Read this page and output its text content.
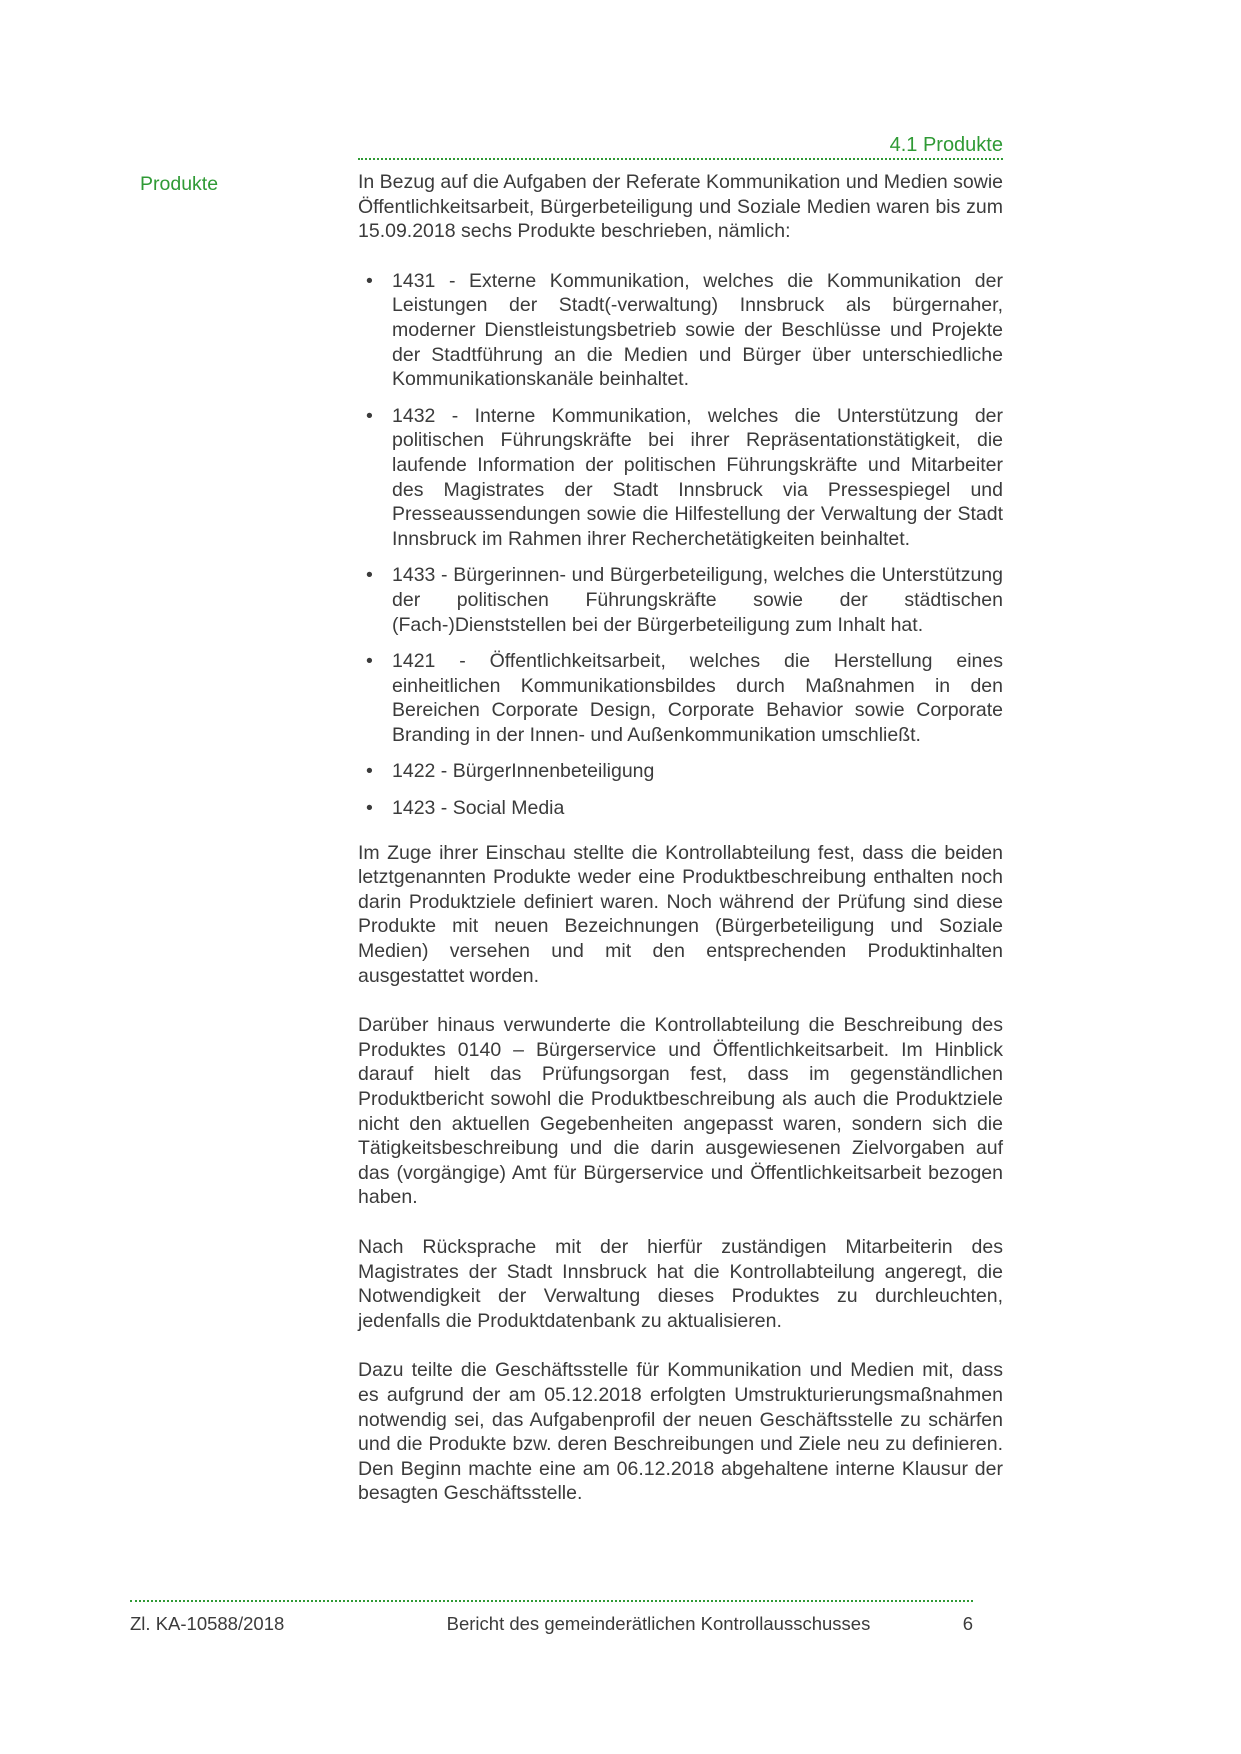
4.1 Produkte
Produkte	In Bezug auf die Aufgaben der Referate Kommunikation und Medien sowie Öffentlichkeitsarbeit, Bürgerbeteiligung und Soziale Medien waren bis zum 15.09.2018 sechs Produkte beschrieben, nämlich:

• 1431 - Externe Kommunikation, welches die Kommunikation der Leistungen der Stadt(-verwaltung) Innsbruck als bürgernaher, moderner Dienstleistungsbetrieb sowie der Beschlüsse und Projekte der Stadtführung an die Medien und Bürger über unterschiedliche Kommunikationskanäle beinhaltet.
• 1432 - Interne Kommunikation, welches die Unterstützung der politischen Führungskräfte bei ihrer Repräsentationstätigkeit, die laufende Information der politischen Führungskräfte und Mitarbeiter des Magistrates der Stadt Innsbruck via Pressespiegel und Presseaussendungen sowie die Hilfestellung der Verwaltung der Stadt Innsbruck im Rahmen ihrer Recherchetätigkeiten beinhaltet.
• 1433 - Bürgerinnen- und Bürgerbeteiligung, welches die Unterstützung der politischen Führungskräfte sowie der städtischen (Fach-)Dienststellen bei der Bürgerbeteiligung zum Inhalt hat.
• 1421 - Öffentlichkeitsarbeit, welches die Herstellung eines einheitlichen Kommunikationsbildes durch Maßnahmen in den Bereichen Corporate Design, Corporate Behavior sowie Corporate Branding in der Innen- und Außenkommunikation umschließt.
• 1422 - BürgerInnenbeteiligung
• 1423 - Social Media

Im Zuge ihrer Einschau stellte die Kontrollabteilung fest, dass die beiden letztgenannten Produkte weder eine Produktbeschreibung enthalten noch darin Produktziele definiert waren. Noch während der Prüfung sind diese Produkte mit neuen Bezeichnungen (Bürgerbeteiligung und Soziale Medien) versehen und mit den entsprechenden Produktinhalten ausgestattet worden.

Darüber hinaus verwunderte die Kontrollabteilung die Beschreibung des Produktes 0140 – Bürgerservice und Öffentlichkeitsarbeit. Im Hinblick darauf hielt das Prüfungsorgan fest, dass im gegenständlichen Produktbericht sowohl die Produktbeschreibung als auch die Produktziele nicht den aktuellen Gegebenheiten angepasst waren, sondern sich die Tätigkeitsbeschreibung und die darin ausgewiesenen Zielvorgaben auf das (vorgängige) Amt für Bürgerservice und Öffentlichkeitsarbeit bezogen haben.

Nach Rücksprache mit der hierfür zuständigen Mitarbeiterin des Magistrates der Stadt Innsbruck hat die Kontrollabteilung angeregt, die Notwendigkeit der Verwaltung dieses Produktes zu durchleuchten, jedenfalls die Produktdatenbank zu aktualisieren.

Dazu teilte die Geschäftsstelle für Kommunikation und Medien mit, dass es aufgrund der am 05.12.2018 erfolgten Umstrukturierungsmaßnahmen notwendig sei, das Aufgabenprofil der neuen Geschäftsstelle zu schärfen und die Produkte bzw. deren Beschreibungen und Ziele neu zu definieren. Den Beginn machte eine am 06.12.2018 abgehaltene interne Klausur der besagten Geschäftsstelle.

Zl. KA-10588/2018	Bericht des gemeinderätlichen Kontrollausschusses	6
